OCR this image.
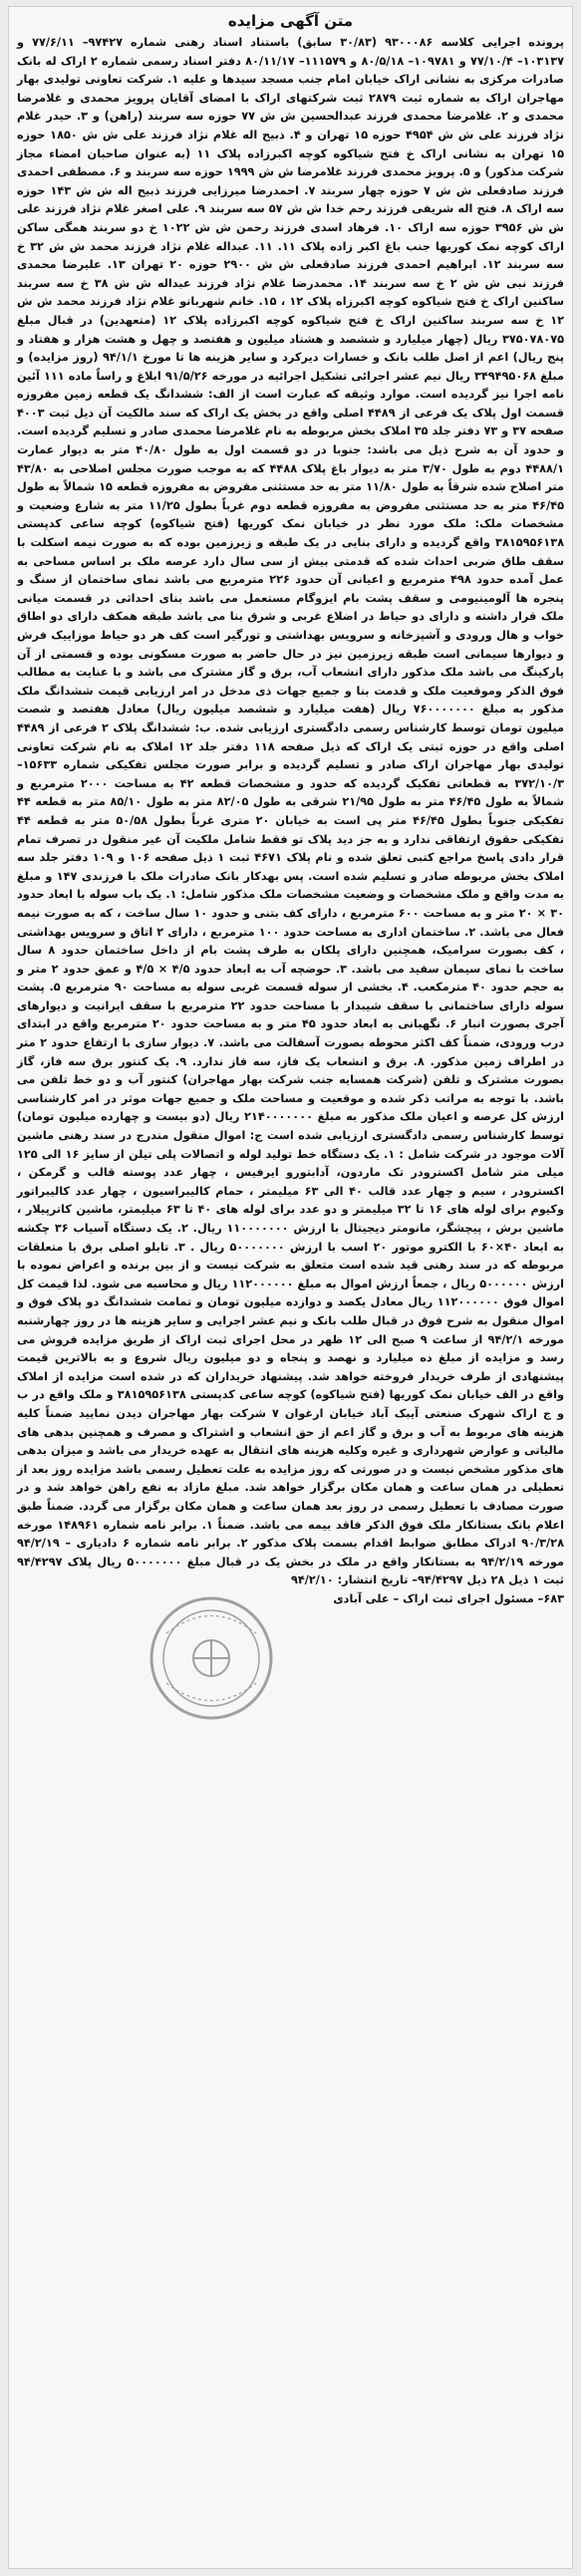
متن آگهی مزایده

پرونده اجرایی کلاسه ۹۳۰۰۰۸۶ (۳۰/۸۳ سابق) باستناد اسناد رهنی شماره ۹۷۴۲۷– ۷۷/۶/۱۱ و ۱۰۳۱۳۷– ۷۷/۱۰/۴ و ۱۰۹۷۸۱– ۸۰/۵/۱۸ و ۱۱۱۵۷۹– ۸۰/۱۱/۱۷ دفتر اسناد رسمی شماره ۲ اراک له بانک صادرات مرکزی به نشانی اراک خیابان امام جنب مسجد سیدها و علیه ۱. شرکت تعاونی تولیدی بهار مهاجران اراک به شماره ثبت ۲۸۷۹ ثبت شرکتهای اراک با امضای آقایان پرویز محمدی و غلامرضا محمدی و ۲. غلامرضا محمدی فرزند عبدالحسین ش ش ۷۷ حوزه سه سربند (راهن) و ۳. حیدر غلام نژاد فرزند علی ش ش ۴۹۵۴ حوزه ۱۵ تهران و ۴. ذبیح اله غلام نژاد فرزند علی ش ش ۱۸۵۰ حوزه ۱۵ تهران به نشانی اراک خ فتح شیاکوه کوچه اکبرزاده پلاک ۱۱ (به عنوان صاحبان امضاء مجاز شرکت مذکور) و ۵. پرویز محمدی فرزند غلامرضا ش ش ۱۹۹۹ حوزه سه سربند و ۶. مصطفی احمدی فرزند صادقعلی ش ش ۷ حوزه چهار سربند ۷. احمدرضا میرزایی فرزند ذبیح اله ش ش ۱۴۳ حوزه سه اراک ۸. فتح اله شریفی فرزند رحم خدا ش ش ۵۷ سه سربند ۹. علی اصغر غلام نژاد فرزند علی ش ش ۳۹۵۶ حوزه سه اراک ۱۰. فرهاد اسدی فرزند رحمن ش ش ۱۰۲۲ خ دو سربند همگی ساکن اراک کوچه نمک کوریها جنب باغ اکبر زاده پلاک ۱۱. ۱۱. عبداله غلام نژاد فرزند محمد ش ش ۳۲ خ سه سربند ۱۲. ابراهیم احمدی فرزند صادقعلی ش ش ۲۹۰۰ حوزه ۲۰ تهران ۱۳. علیرضا محمدی فرزند نبی ش ش ۲ خ سه سربند ۱۴. محمدرضا غلام نژاد فرزند عبداله ش ش ۳۸ خ سه سربند ساکنین اراک خ فتح شیاکوه کوچه اکبرزاه پلاک ۱۲ ، ۱۵. خانم شهربانو غلام نژاد فرزند محمد ش ش ۱۲ خ سه سربند ساکنین اراک خ فتح شیاکوه کوچه اکبرزاده پلاک ۱۲ (متعهدین) در قبال مبلغ ۳۷۵۰۷۸۰۷۵ ریال (چهار میلیارد و ششصد و هشتاد میلیون و هفتصد و چهل و هشت هزار و هفتاد و پنج ریال) اعم از اصل طلب بانک و خسارات دیرکرد و سایر هزینه ها تا مورخ ۹۴/۱/۱ (روز مزایده) و مبلغ ۳۴۹۴۹۵۰۶۸ ریال نیم عشر اجرائی تشکیل اجرائیه در مورخه ۹۱/۵/۲۶ ابلاغ و راساً ماده ۱۱۱ آئین نامه اجرا نیز گردیده است. موارد وثیقه که عبارت است از الف: ششدانگ یک قطعه زمین مفروزه قسمت اول پلاک یک فرعی از ۴۴۸۹ اصلی واقع در بخش یک اراک که سند مالکیت آن ذیل ثبت ۴۰۰۳ صفحه ۳۷ و ۷۳ دفتر جلد ۳۵ املاک بخش مربوطه به نام غلامرضا محمدی صادر و تسلیم گردیده است. و حدود آن به شرح ذیل می باشد: جنوبا در دو قسمت اول به طول ۴۰/۸۰ متر به دیوار عمارت ۴۴۸۸/۱ دوم به طول ۳/۷۰ متر به دیوار باغ پلاک ۴۴۸۸ که به موجب صورت مجلس اصلاحی به ۴۳/۸۰ متر اصلاح شده شرقاً به طول ۱۱/۸۰ متر به حد مستثنی مفروض به مفروزه قطعه ۱۵ شمالاً به طول ۴۶/۴۵ متر به حد مستثنی مفروض به مفروزه قطعه دوم غرباً بطول ۱۱/۲۵ متر به شارع وضعیت و مشخصات ملک: ملک مورد نظر در خیابان نمک کوریها (فتح شیاکوه) کوچه ساعی کدپستی ۳۸۱۵۹۵۶۱۳۸ واقع گردیده و دارای بنایی در یک طبقه و زیرزمین بوده که به صورت نیمه اسکلت با سقف طاق ضربی احداث شده که قدمتی بیش از سی سال دارد عرصه ملک بر اساس مساحی به عمل آمده حدود ۴۹۸ مترمربع و اعیانی آن حدود ۲۲۶ مترمربع می باشد نمای ساختمان از سنگ و پنجره ها آلومینیومی و سقف پشت بام ایزوگام مستعمل می باشد بنای احداثی در قسمت میانی ملک قرار داشته و دارای دو حیاط در اضلاع غربی و شرق بنا می باشد طبقه همکف دارای دو اطاق خواب و هال ورودی و آشپزخانه و سرویس بهداشتی و تورگیر است کف هر دو حیاط موزاییک فرش و دیوارها سیمانی است طبقه زیرزمین نیز در حال حاضر به صورت مسکونی بوده و قسمتی از آن پارکینگ می باشد ملک مذکور دارای انشعاب آب، برق و گاز مشترک می باشد و با عنایت به مطالب فوق الذکر وموقعیت ملک و قدمت بنا و جمیع جهات ذی مدخل در امر ارزیابی قیمت ششدانگ ملک مذکور به مبلغ ۷۶۰۰۰۰۰۰۰ ریال (هفت میلیارد و ششصد میلیون ریال) معادل هفتصد و شصت میلیون تومان توسط کارشناس رسمی دادگستری ارزیابی شده. ب: ششدانگ پلاک ۲ فرعی از ۴۴۸۹ اصلی واقع در حوزه ثبتی یک اراک که ذیل صفحه ۱۱۸ دفتر جلد ۱۲ املاک به نام شرکت تعاونی تولیدی بهار مهاجران اراک صادر و تسلیم گردیده و برابر صورت مجلس تفکیکی شماره ۱۵۶۳۳– ۳۷۲/۱۰/۳ به قطعاتی تفکیک گردیده که حدود و مشخصات قطعه ۴۲ به مساحت ۲۰۰۰ مترمربع و شمالاً به طول ۴۶/۴۵ متر به طول ۲۱/۹۵ شرقی به طول ۸۲/۰۵ متر به طول ۸۵/۱۰ متر به قطعه ۴۴ تفکیکی جنوباً بطول ۴۶/۴۵ متر پی است به خیابان ۲۰ متری غرباً بطول ۵۰/۵۸ متر به قطعه ۴۴ تفکیکی حقوق ارتفاقی ندارد و به جز دید پلاک تو فقط شامل ملکیت آن غیر منقول در تصرف تمام قرار دادی پاسخ مراجع کتبی تعلق شده و نام پلاک ۴۶۷۱ ثبت ۱ ذیل صفحه ۱۰۶ و ۱۰۹ دفتر جلد سه املاک بخش مربوطه صادر و تسلیم شده است. پس بهدکار بانک صادرات ملک با فرزندی ۱۴۷ و مبلغ به مدت واقع و ملک مشخصات و وضعیت مشخصات ملک مذکور شامل: ۱. یک باب سوله با ابعاد حدود ۳۰ × ۲۰ متر و به مساحت ۶۰۰ مترمربع ، دارای کف بتنی و حدود ۱۰ سال ساخت ، که به صورت نیمه فعال می باشد. ۲. ساختمان اداری به مساحت حدود ۱۰۰ مترمربع ، دارای ۲ اتاق و سرویس بهداشتی ، کف بصورت سرامیک، همچنین دارای پلکان به طرف پشت بام از داخل ساختمان حدود ۸ سال ساخت با نمای سیمان سفید می باشد. ۳. حوضچه آب به ابعاد حدود ۴/۵ × ۴/۵ و عمق حدود ۲ متر و به حجم حدود ۴۰ مترمکعب. ۴. بخشی از سوله قسمت غربی سوله به مساحت ۹۰ مترمربع ۵. پشت سوله دارای ساختمانی با سقف شیبدار با مساحت حدود ۲۲ مترمربع با سقف ایرانیت و دیوارهای آجری بصورت انبار ۶. نگهبانی به ابعاد حدود ۴۵ متر و به مساحت حدود ۲۰ مترمربع واقع در ابتدای درب ورودی، ضمناً کف اکثر محوطه بصورت آسفالت می باشد. ۷. دیوار سازی با ارتفاع حدود ۲ متر در اطراف زمین مذکور. ۸. برق و انشعاب یک فاز، سه فاز ندارد. ۹. یک کنتور برق سه فاز، گاز بصورت مشترک و تلفن (شرکت همسایه جنب شرکت بهار مهاجران) کنتور آب و دو خط تلفن می باشد. با توجه به مراتب ذکر شده و موقعیت و مساحت ملک و جمیع جهات موثر در امر کارشناسی ارزش کل عرصه و اعیان ملک مذکور به مبلغ ۲۱۴۰۰۰۰۰۰۰ ریال (دو بیست و چهارده میلیون تومان) توسط کارشناس رسمی دادگستری ارزیابی شده است ج: اموال منقول مندرج در سند رهنی ماشین آلات موجود در شرکت شامل : ۱. یک دستگاه خط تولید لوله و اتصالات پلی تیلن از سایز ۱۶ الی ۱۲۵ میلی متر شامل اکسترودر تک ماردون، آدابتورو ایرفیس ، چهار عدد پوسته قالب و گرمکن ، اکسترودر ، سیم و چهار عدد قالب ۴۰ الی ۶۳ میلیمتر ، حمام کالیبراسیون ، چهار عدد کالیبراتور وکیوم برای لوله های ۱۶ تا ۳۲ میلیمتر و دو عدد برای لوله های ۴۰ تا ۶۳ میلیمتر، ماشین کاترپیلار ، ماشین برش ، پیچشگر، مانومتر دیجیتال با ارزش ۱۱۰۰۰۰۰۰۰ ریال. ۲. یک دستگاه آسیاب ۳۶ چکشه به ابعاد ۴۰×۶۰ با الکترو موتور ۲۰ اسب با ارزش ۵۰۰۰۰۰۰۰ ریال . ۳. تابلو اصلی برق با متعلقات مربوطه که در سند رهنی قید شده است متعلق به شرکت نیست و از بین برنده و اعراض نموده با ارزش ۵۰۰۰۰۰۰ ریال ، جمعاً ارزش اموال به مبلغ ۱۱۲۰۰۰۰۰۰ ریال و محاسبه می شود. لذا قیمت کل اموال فوق ۱۱۲۰۰۰۰۰۰ ریال معادل یکصد و دوازده میلیون تومان و تمامت ششدانگ دو پلاک فوق و اموال منقول به شرح فوق در قبال طلب بانک و نیم عشر اجرایی و سایر هزینه ها در روز چهارشنبه مورخه ۹۴/۲/۱ از ساعت ۹ صبح الی ۱۲ ظهر در محل اجرای ثبت اراک از طریق مزایده فروش می رسد و مزایده از مبلغ ده میلیارد و نهصد و پنجاه و دو میلیون ریال شروع و به بالاترین قیمت پیشنهادی از طرف خریدار فروخته خواهد شد. پیشنهاد خریداران که در شده است مزایده از املاک واقع در الف خیابان نمک کوریها (فتح شیاکوه) کوچه ساعی کدپستی ۳۸۱۵۹۵۶۱۳۸ و ملک واقع در ب و ج اراک شهرک صنعتی آیبک آباد خیابان ارغوان ۷ شرکت بهار مهاجران دیدن نمایید ضمناً کلیه هزینه های مربوط به آب و برق و گاز اعم از حق انشعاب و اشتراک و مصرف و همچنین بدهی های مالیاتی و عوارض شهرداری و غیره وکلیه هزینه های انتقال به عهده خریدار می باشد و میزان بدهی های مذکور مشخص نیست و در صورتی که روز مزایده به علت تعطیل رسمی باشد مزایده روز بعد از تعطیلی در همان ساعت و همان مکان برگزار خواهد شد. مبلغ مازاد به نفع راهن خواهد شد و در صورت مصادف با تعطیل رسمی در روز بعد همان ساعت و همان مکان برگزار می گردد. ضمناً طبق اعلام بانک بستانکار ملک فوق الذکر فاقد بیمه می باشد. ضمناً ۱. برابر نامه شماره ۱۴۸۹۶۱ مورخه ۹۰/۳/۲۸ ادراک مطابق ضوابط اقدام بسمت پلاک مذکور ۲. برابر نامه شماره ۶ دادیاری – ۹۴/۲/۱۹ مورخه ۹۴/۲/۱۹ به بستانکار واقع در ملک در بخش یک در قبال مبلغ ۵۰۰۰۰۰۰۰ ریال پلاک ۹۴/۴۲۹۷ ثبت ۱ ذیل ۲۸ ذیل ۹۴/۴۲۹۷– تاریخ انتشار: ۹۴/۲/۱۰

۶۸۳– مسئول اجرای ثبت اراک – علی آبادی
